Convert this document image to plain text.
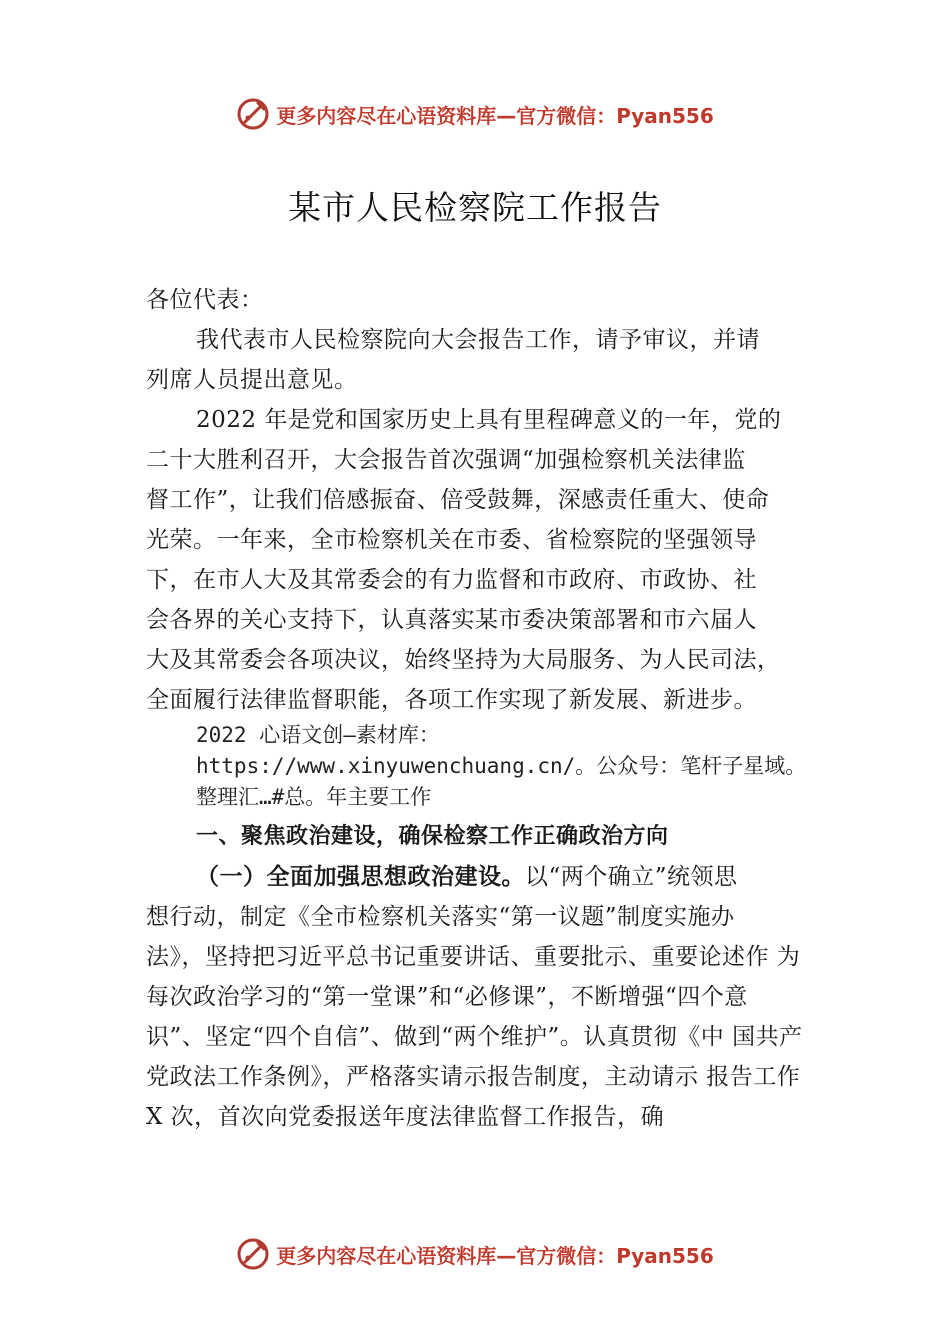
更多内容尽在心语资料库—官方微信：Pyan556
某市人民检察院工作报告
各位代表：
我代表市人民检察院向大会报告工作，请予审议，并请
列席人员提出意见。
2022 年是党和国家历史上具有里程碑意义的一年，党的
二十大胜利召开，大会报告首次强调“加强检察机关法律监
督工作”，让我们倍感振奋、倍受鼓舞，深感责任重大、使命
光荣。一年来，全市检察机关在市委、省检察院的坚强领导
下，在市人大及其常委会的有力监督和市政府、市政协、社
会各界的关心支持下，认真落实某市委决策部署和市六届人
大及其常委会各项决议，始终坚持为大局服务、为人民司法，
全面履行法律监督职能，各项工作实现了新发展、新进步。
2022 心语文创—素材库：
https://www.xinyuwenchuang.cn/。公众号：笔杆子星域。
整理汇…#总。年主要工作
一、聚焦政治建设，确保检察工作正确政治方向
（一）全面加强思想政治建设。以“两个确立”统领思
想行动，制定《全市检察机关落实“第一议题”制度实施办
法》，坚持把习近平总书记重要讲话、重要批示、重要论述作 为
每次政治学习的“第一堂课”和“必修课”，不断增强“四个意
识”、坚定“四个自信”、做到“两个维护”。认真贯彻《中 国共产
党政法工作条例》，严格落实请示报告制度，主动请示 报告工作
X 次，首次向党委报送年度法律监督工作报告，确
更多内容尽在心语资料库—官方微信：Pyan556
